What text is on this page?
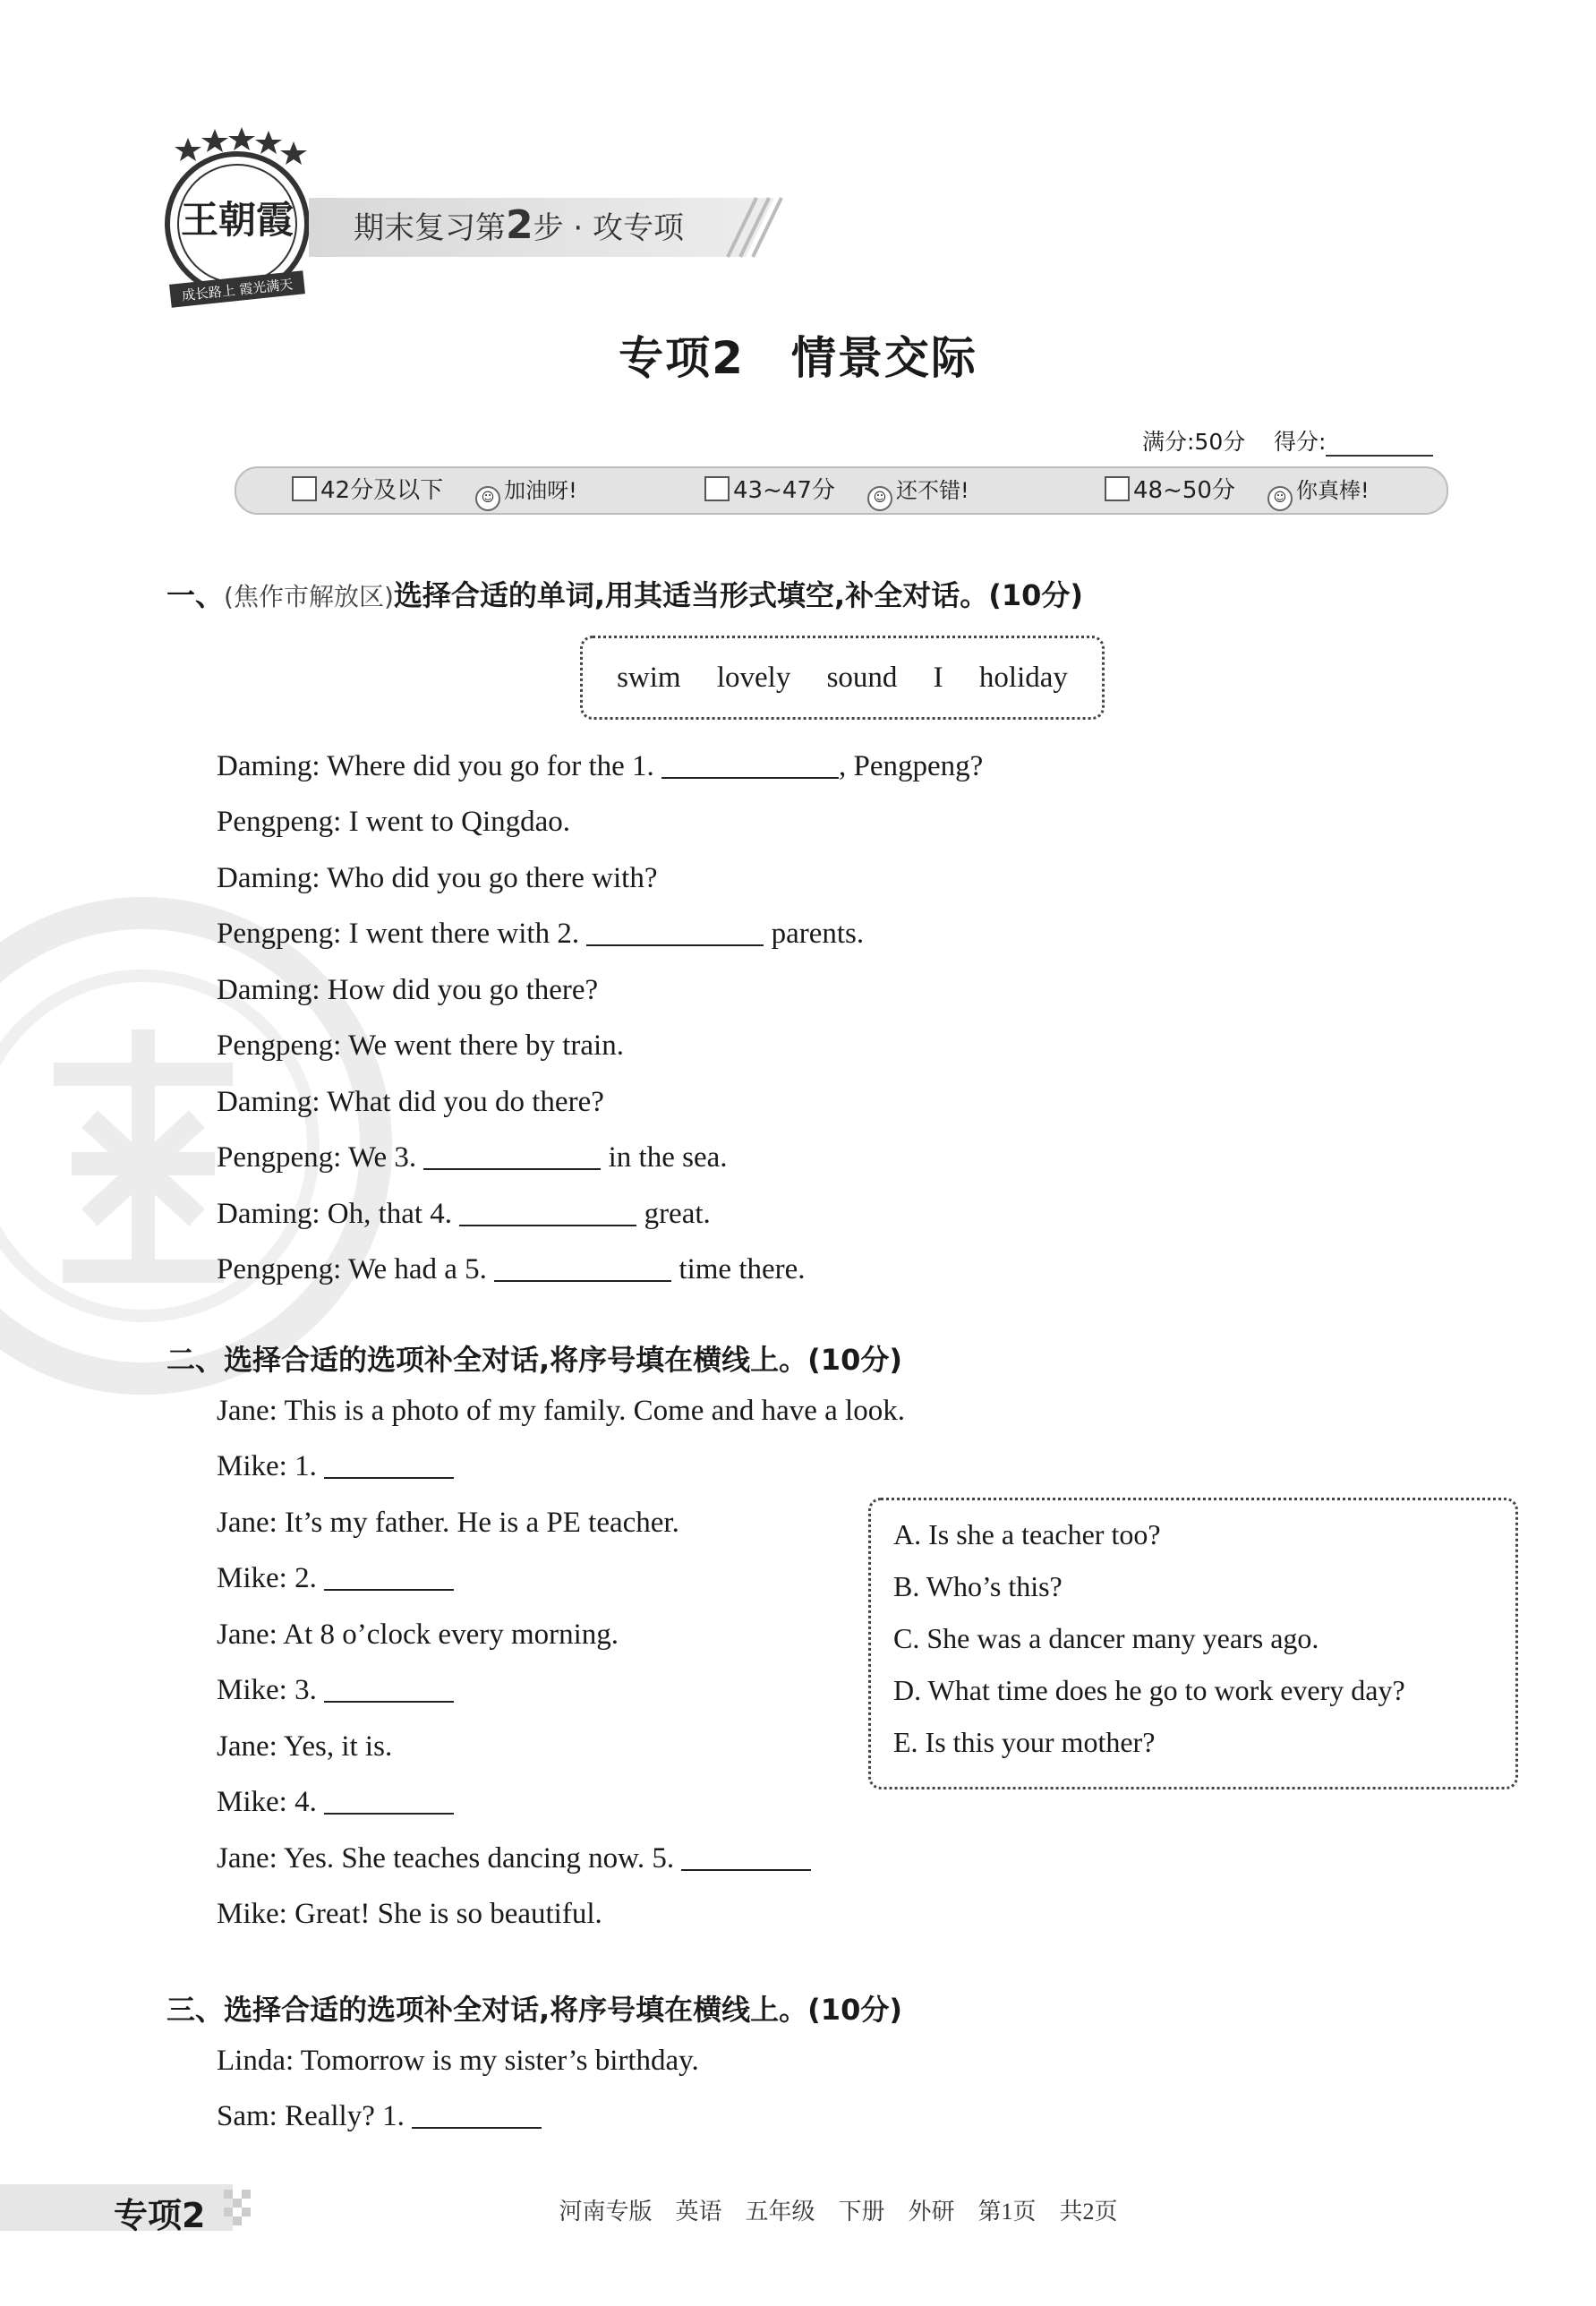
王朝霞
成长路上 霞光满天
期末复习第2步 · 攻专项
专项2　情景交际
满分:50分 得分:
42分及以下	☺ 加油呀!	43~47分	☺ 还不错!	48~50分	☺ 你真棒!
一、(焦作市解放区)选择合适的单词,用其适当形式填空,补全对话。(10分)
swim lovely sound I holiday
Daming: Where did you go for the 1.	, Pengpeng?
Pengpeng: I went to Qingdao.
Daming: Who did you go there with?
Pengpeng: I went there with 2.	parents.
Daming: How did you go there?
Pengpeng: We went there by train.
Daming: What did you do there?
Pengpeng: We 3.	in the sea.
Daming: Oh, that 4.	great.
Pengpeng: We had a 5.	time there.
二、选择合适的选项补全对话,将序号填在横线上。(10分)
Jane: This is a photo of my family. Come and have a look.
Mike: 1.
Jane: It’s my father. He is a PE teacher.
Mike: 2.
Jane: At 8 o’clock every morning.
Mike: 3.
Jane: Yes, it is.
Mike: 4.
Jane: Yes. She teaches dancing now. 5.
Mike: Great! She is so beautiful.
A. Is she a teacher too?
B. Who’s this?
C. She was a dancer many years ago.
D. What time does he go to work every day?
E. Is this your mother?
三、选择合适的选项补全对话,将序号填在横线上。(10分)
Linda: Tomorrow is my sister’s birthday.
Sam: Really? 1.
专项2	河南专版　英语　五年级　下册　外研　第1页　共2页
